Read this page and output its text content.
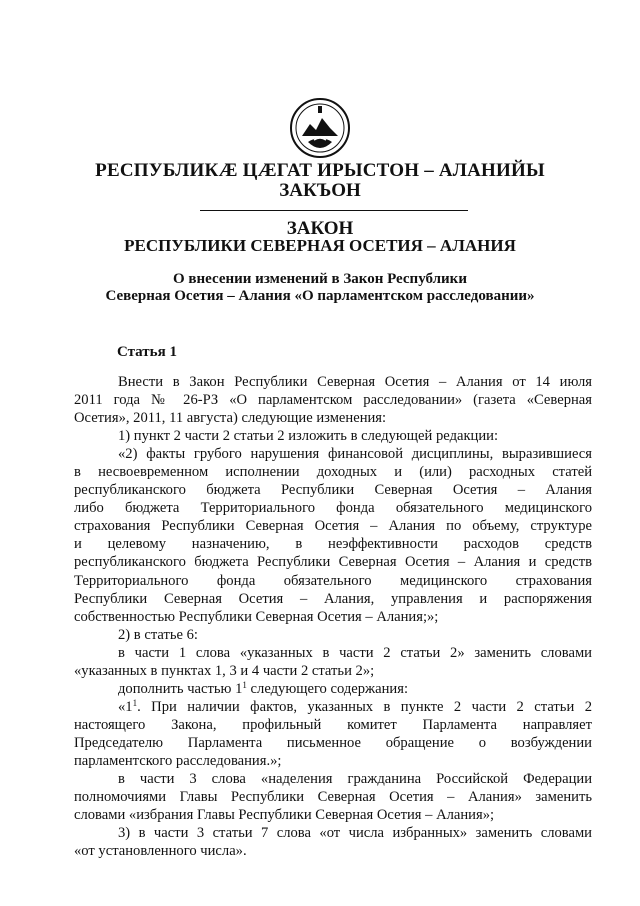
РЕСПУБЛИКÆ ЦÆГАТ ИРЫСТОН – АЛАНИЙЫ
ЗАКЪОН
ЗАКОН
РЕСПУБЛИКИ СЕВЕРНАЯ ОСЕТИЯ – АЛАНИЯ
О внесении изменений в Закон Республики
Северная Осетия – Алания «О парламентском расследовании»
Статья 1
Внести в Закон Республики Северная Осетия – Алания от 14 июля
2011 года № 26-РЗ «О парламентском расследовании» (газета «Северная
Осетия», 2011, 11 августа) следующие изменения:
1) пункт 2 части 2 статьи 2 изложить в следующей редакции:
«2) факты грубого нарушения финансовой дисциплины, выразившиеся
в несвоевременном исполнении доходных и (или) расходных статей
республиканского бюджета Республики Северная Осетия – Алания
либо бюджета Территориального фонда обязательного медицинского
страхования Республики Северная Осетия – Алания по объему, структуре
и целевому назначению, в неэффективности расходов средств
республиканского бюджета Республики Северная Осетия – Алания и средств
Территориального фонда обязательного медицинского страхования
Республики Северная Осетия – Алания, управления и распоряжения
собственностью Республики Северная Осетия – Алания;»;
2) в статье 6:
в части 1 слова «указанных в части 2 статьи 2» заменить словами
«указанных в пунктах 1, 3 и 4 части 2 статьи 2»;
дополнить частью $1^1$ следующего содержания:
«$1^1$. При наличии фактов, указанных в пункте 2 части 2 статьи 2
настоящего Закона, профильный комитет Парламента направляет
Председателю Парламента письменное обращение о возбуждении
парламентского расследования.»;
в части 3 слова «наделения гражданина Российской Федерации
полномочиями Главы Республики Северная Осетия – Алания» заменить
словами «избрания Главы Республики Северная Осетия – Алания»;
3) в части 3 статьи 7 слова «от числа избранных» заменить словами
«от установленного числа».
